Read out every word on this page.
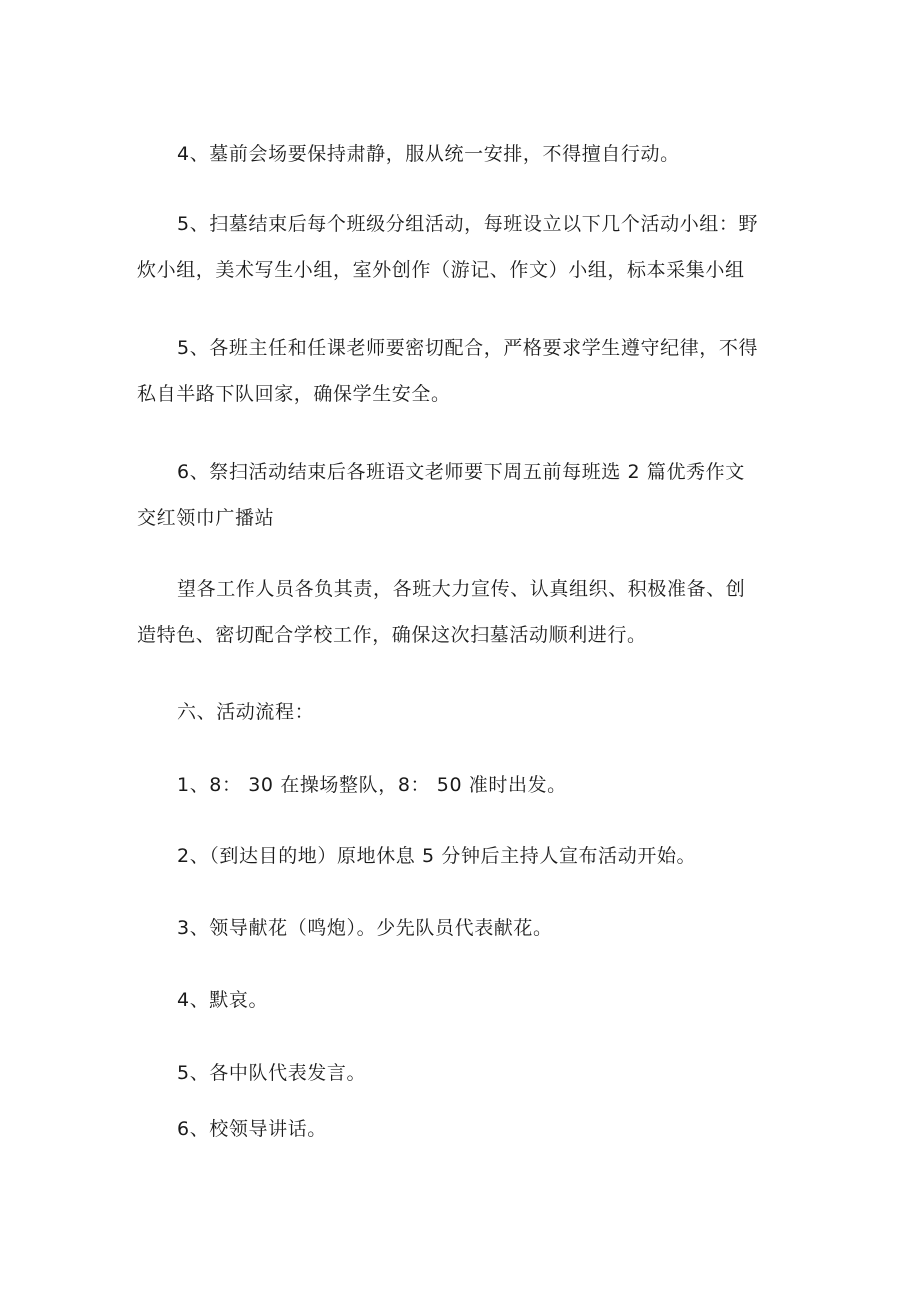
4、墓前会场要保持肃静，服从统一安排，不得擅自行动。
5、扫墓结束后每个班级分组活动，每班设立以下几个活动小组：野
炊小组，美术写生小组，室外创作（游记、作文）小组，标本采集小组
5、各班主任和任课老师要密切配合，严格要求学生遵守纪律，不得
私自半路下队回家，确保学生安全。
6、祭扫活动结束后各班语文老师要下周五前每班选 2 篇优秀作文
交红领巾广播站
望各工作人员各负其责，各班大力宣传、认真组织、积极准备、创
造特色、密切配合学校工作，确保这次扫墓活动顺利进行。
六、活动流程：
1、8： 30 在操场整队，8： 50 准时出发。
2、（到达目的地）原地休息 5 分钟后主持人宣布活动开始。
3、领导献花（鸣炮）。少先队员代表献花。
4、默哀。
5、各中队代表发言。
6、校领导讲话。
